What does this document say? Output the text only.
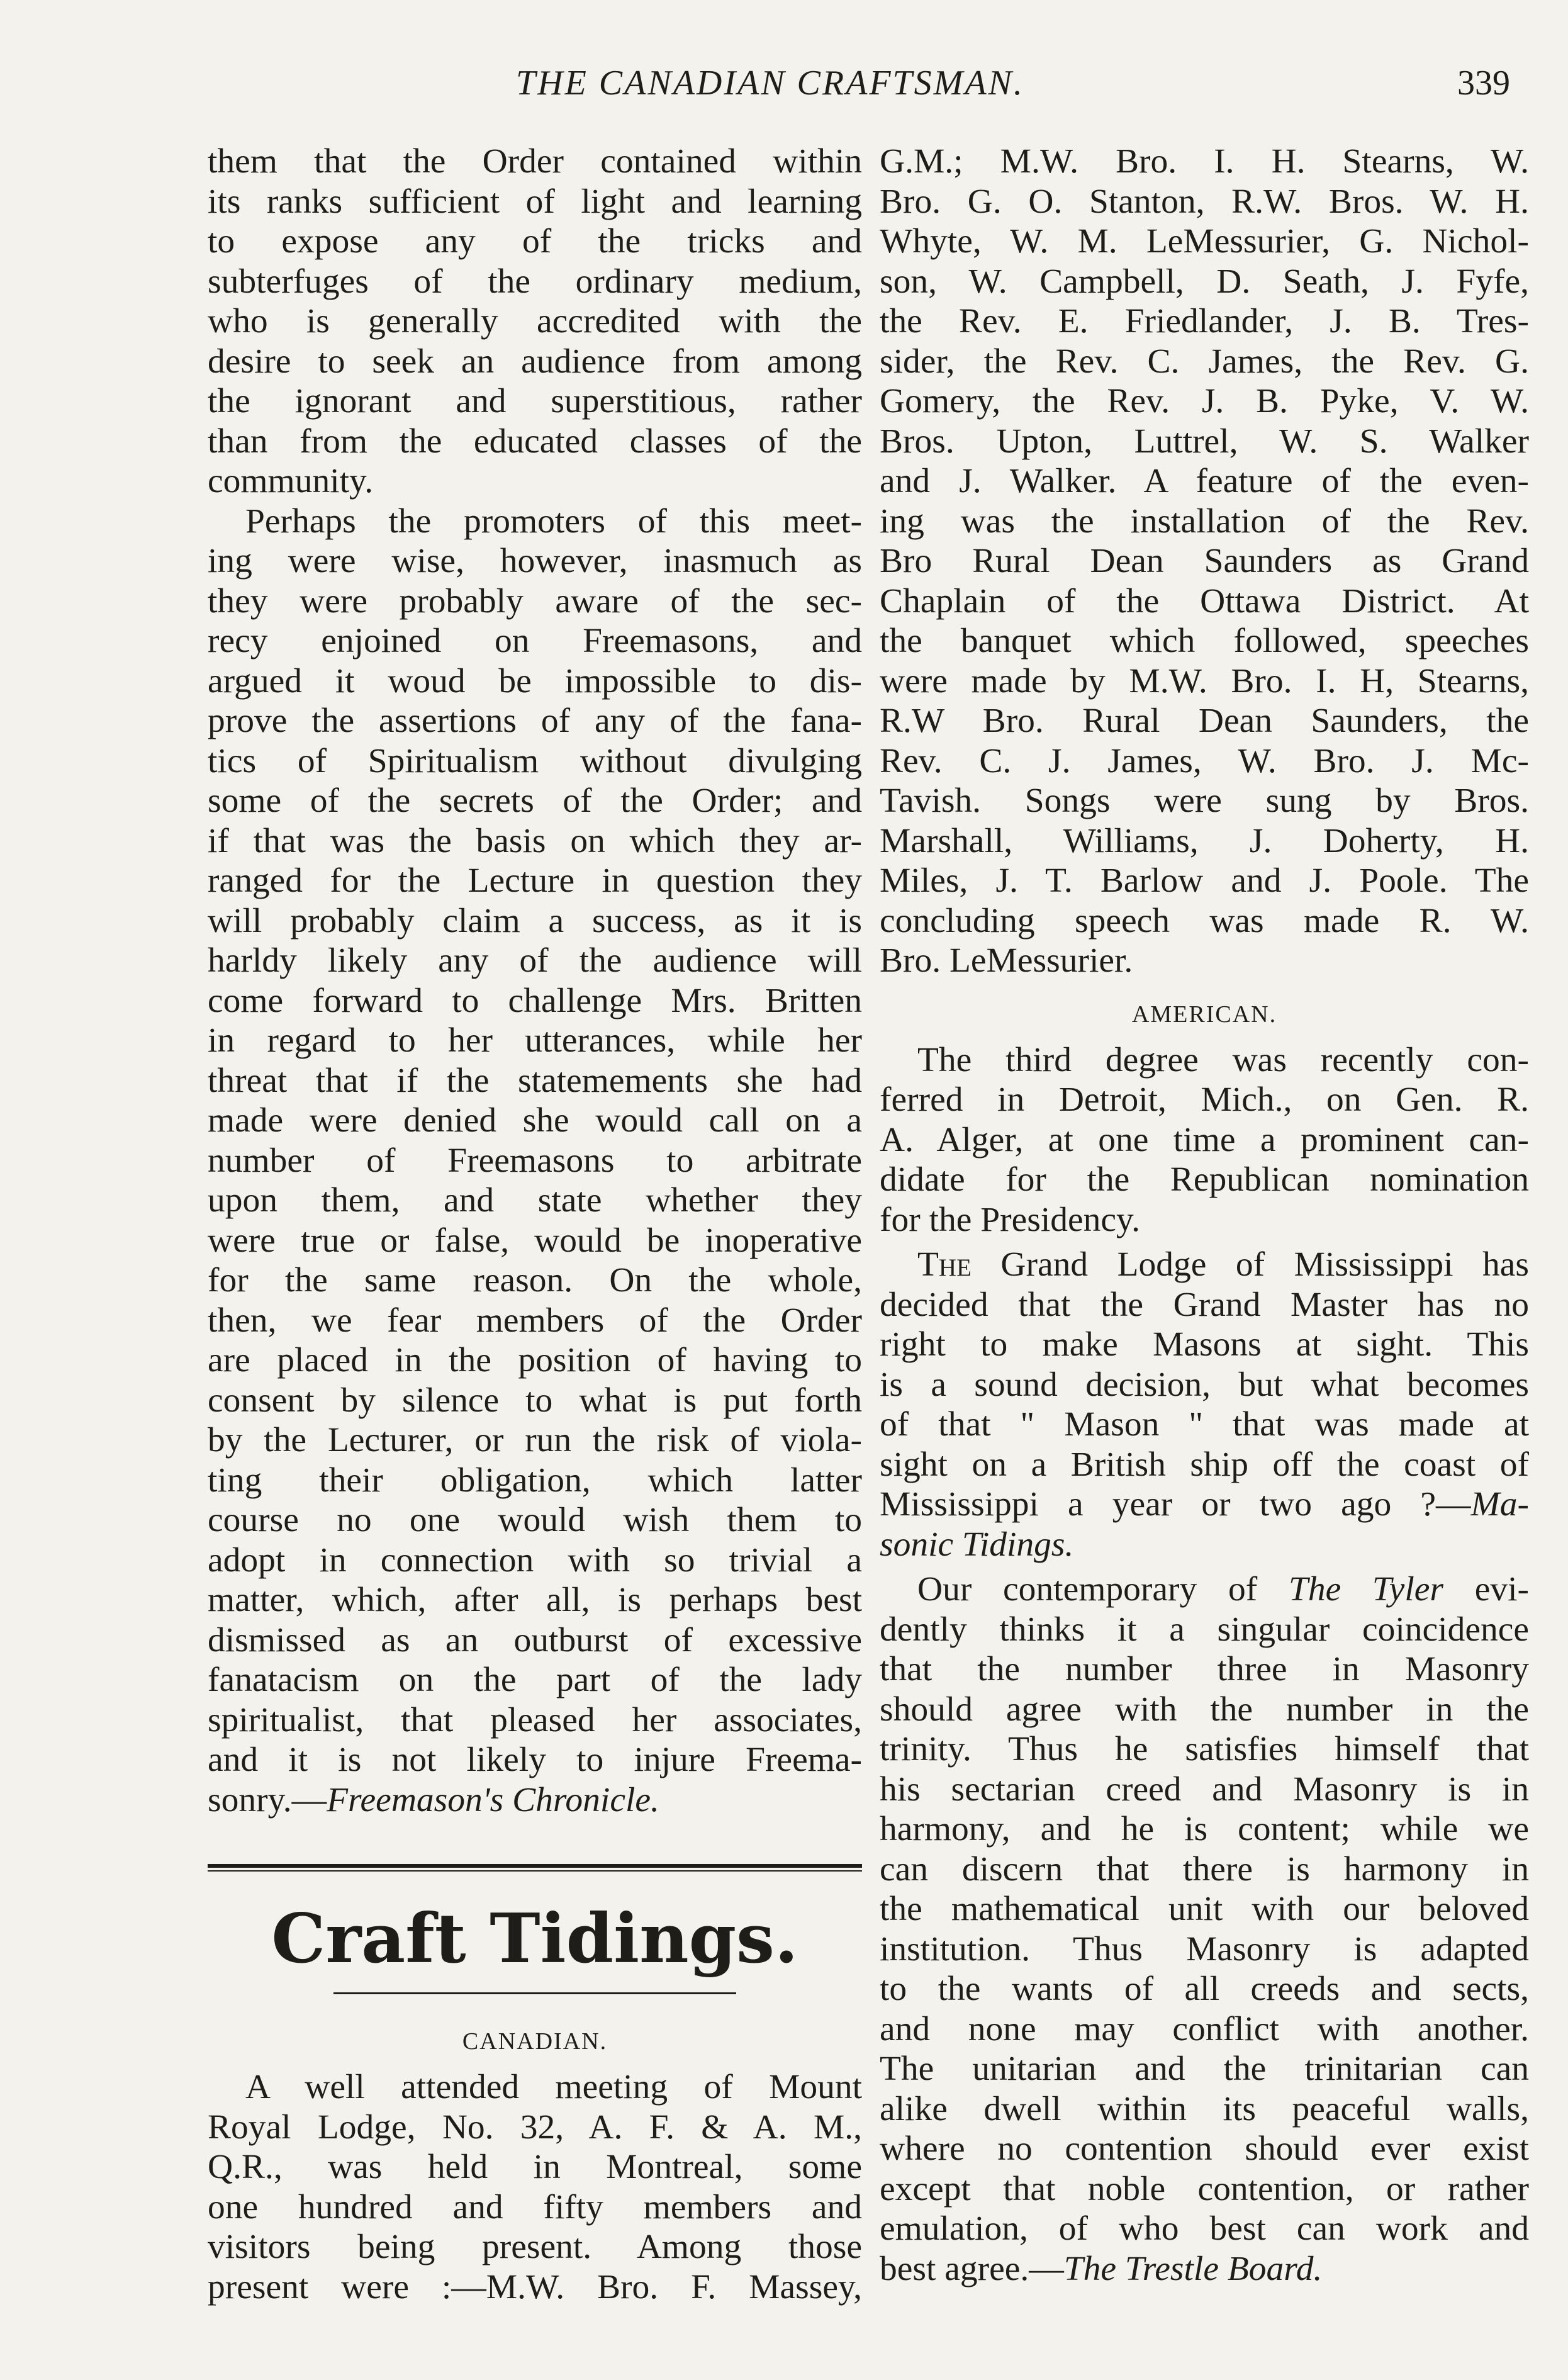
THE CANADIAN CRAFTSMAN.	339
them that the Order contained within
its ranks sufficient of light and learning
to expose any of the tricks and
subterfuges of the ordinary medium,
who is generally accredited with the
desire to seek an audience from among
the ignorant and superstitious, rather
than from the educated classes of the
community.
Perhaps the promoters of this meet-
ing were wise, however, inasmuch as
they were probably aware of the sec-
recy enjoined on Freemasons, and
argued it woud be impossible to dis-
prove the assertions of any of the fana-
tics of Spiritualism without divulging
some of the secrets of the Order; and
if that was the basis on which they ar-
ranged for the Lecture in question they
will probably claim a success, as it is
harldy likely any of the audience will
come forward to challenge Mrs. Britten
in regard to her utterances, while her
threat that if the statemements she had
made were denied she would call on a
number of Freemasons to arbitrate
upon them, and state whether they
were true or false, would be inoperative
for the same reason. On the whole,
then, we fear members of the Order
are placed in the position of having to
consent by silence to what is put forth
by the Lecturer, or run the risk of viola-
ting their obligation, which latter
course no one would wish them to
adopt in connection with so trivial a
matter, which, after all, is perhaps best
dismissed as an outburst of excessive
fanatacism on the part of the lady
spiritualist, that pleased her associates,
and it is not likely to injure Freema-
sonry.—Freemason's Chronicle.
Craft Tidings.
CANADIAN.
A well attended meeting of Mount
Royal Lodge, No. 32, A. F. & A. M.,
Q.R., was held in Montreal, some
one hundred and fifty members and
visitors being present. Among those
present were :—M.W. Bro. F. Massey,
G.M.; M.W. Bro. I. H. Stearns, W.
Bro. G. O. Stanton, R.W. Bros. W. H.
Whyte, W. M. LeMessurier, G. Nichol-
son, W. Campbell, D. Seath, J. Fyfe,
the Rev. E. Friedlander, J. B. Tres-
sider, the Rev. C. James, the Rev. G.
Gomery, the Rev. J. B. Pyke, V. W.
Bros. Upton, Luttrel, W. S. Walker
and J. Walker. A feature of the even-
ing was the installation of the Rev.
Bro Rural Dean Saunders as Grand
Chaplain of the Ottawa District. At
the banquet which followed, speeches
were made by M.W. Bro. I. H, Stearns,
R.W Bro. Rural Dean Saunders, the
Rev. C. J. James, W. Bro. J. Mc-
Tavish. Songs were sung by Bros.
Marshall, Williams, J. Doherty, H.
Miles, J. T. Barlow and J. Poole. The
concluding speech was made R. W.
Bro. LeMessurier.
AMERICAN.
The third degree was recently con-
ferred in Detroit, Mich., on Gen. R.
A. Alger, at one time a prominent can-
didate for the Republican nomination
for the Presidency.
The Grand Lodge of Mississippi has
decided that the Grand Master has no
right to make Masons at sight. This
is a sound decision, but what becomes
of that " Mason " that was made at
sight on a British ship off the coast of
Mississippi a year or two ago ?—Ma-
sonic Tidings.
Our contemporary of The Tyler evi-
dently thinks it a singular coincidence
that the number three in Masonry
should agree with the number in the
trinity. Thus he satisfies himself that
his sectarian creed and Masonry is in
harmony, and he is content; while we
can discern that there is harmony in
the mathematical unit with our beloved
institution. Thus Masonry is adapted
to the wants of all creeds and sects,
and none may conflict with another.
The unitarian and the trinitarian can
alike dwell within its peaceful walls,
where no contention should ever exist
except that noble contention, or rather
emulation, of who best can work and
best agree.—The Trestle Board.
